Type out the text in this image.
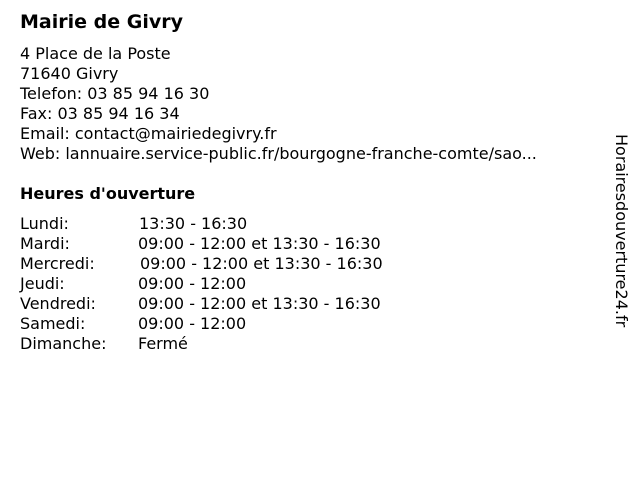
Mairie de Givry
4 Place de la Poste
71640 Givry
Telefon: 03 85 94 16 30
Fax: 03 85 94 16 34
Email: contact@mairiedegivry.fr
Web: lannuaire.service-public.fr/bourgogne-franche-comte/sao...
Heures d'ouverture
Lundi:	13:30 - 16:30
Mardi:	09:00 - 12:00 et 13:30 - 16:30
Mercredi:	09:00 - 12:00 et 13:30 - 16:30
Jeudi:	09:00 - 12:00
Vendredi:	09:00 - 12:00 et 13:30 - 16:30
Samedi:	09:00 - 12:00
Dimanche: Fermé
Horairesdouverture24.fr
